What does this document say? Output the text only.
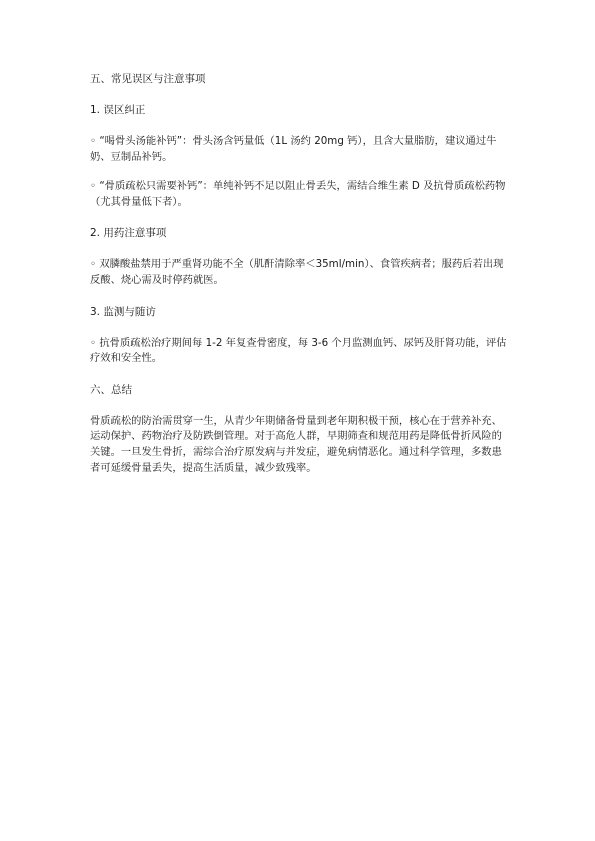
五、常见误区与注意事项

1. 误区纠正

◦ “喝骨头汤能补钙”：骨头汤含钙量低（1L 汤约 20mg 钙），且含大量脂肪，建议通过牛奶、豆制品补钙。

◦ “骨质疏松只需要补钙”：单纯补钙不足以阻止骨丢失，需结合维生素 D 及抗骨质疏松药物（尤其骨量低下者）。

2. 用药注意事项

◦ 双膦酸盐禁用于严重肾功能不全（肌酐清除率＜35ml/min）、食管疾病者；服药后若出现反酸、烧心需及时停药就医。

3. 监测与随访

◦ 抗骨质疏松治疗期间每 1-2 年复查骨密度，每 3-6 个月监测血钙、尿钙及肝肾功能，评估疗效和安全性。

六、总结

骨质疏松的防治需贯穿一生，从青少年期储备骨量到老年期积极干预，核心在于营养补充、运动保护、药物治疗及防跌倒管理。对于高危人群，早期筛查和规范用药是降低骨折风险的关键。一旦发生骨折，需综合治疗原发病与并发症，避免病情恶化。通过科学管理，多数患者可延缓骨量丢失，提高生活质量，减少致残率。
